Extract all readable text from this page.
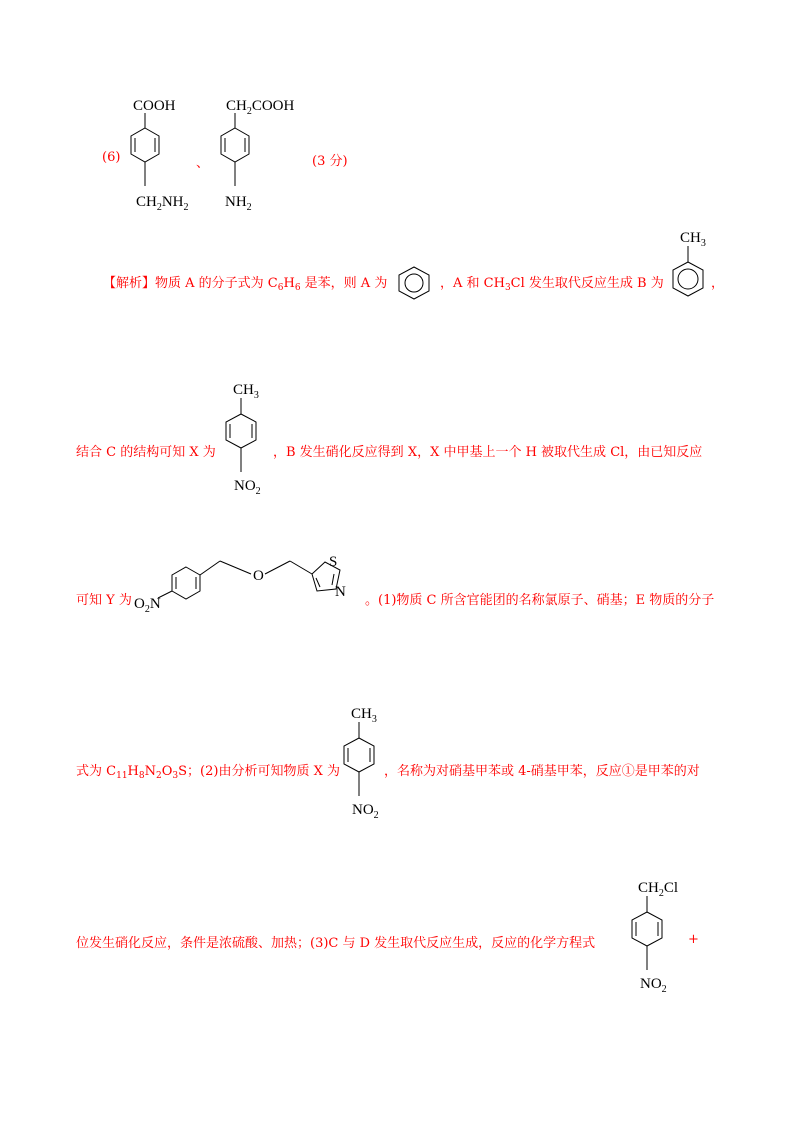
(6)
COOH
$CH_2NH_2$
、
$CH_2COOH$
$NH_2$
(3 分)
【解析】物质 A 的分子式为 $C_6H_6$ 是苯，则 A 为	，A 和 $CH_3Cl$ 发生取代反应生成 B 为
$CH_3$
，
结合 C 的结构可知 X 为
$CH_3$
$NO_2$
，B 发生硝化反应得到 X，X 中甲基上一个 H 被取代生成 Cl，由已知反应
可知 Y 为 $O_2N$
O
S
N
。(1)物质 C 所含官能团的名称氯原子、硝基；E 物质的分子
式为 $C_{11}H_8N_2O_3S$；(2)由分析可知物质 X 为
$CH_3$
$NO_2$
，名称为对硝基甲苯或 4-硝基甲苯，反应①是甲苯的对
位发生硝化反应，条件是浓硫酸、加热；(3)C 与 D 发生取代反应生成，反应的化学方程式
$CH_2Cl$
$NO_2$
+
